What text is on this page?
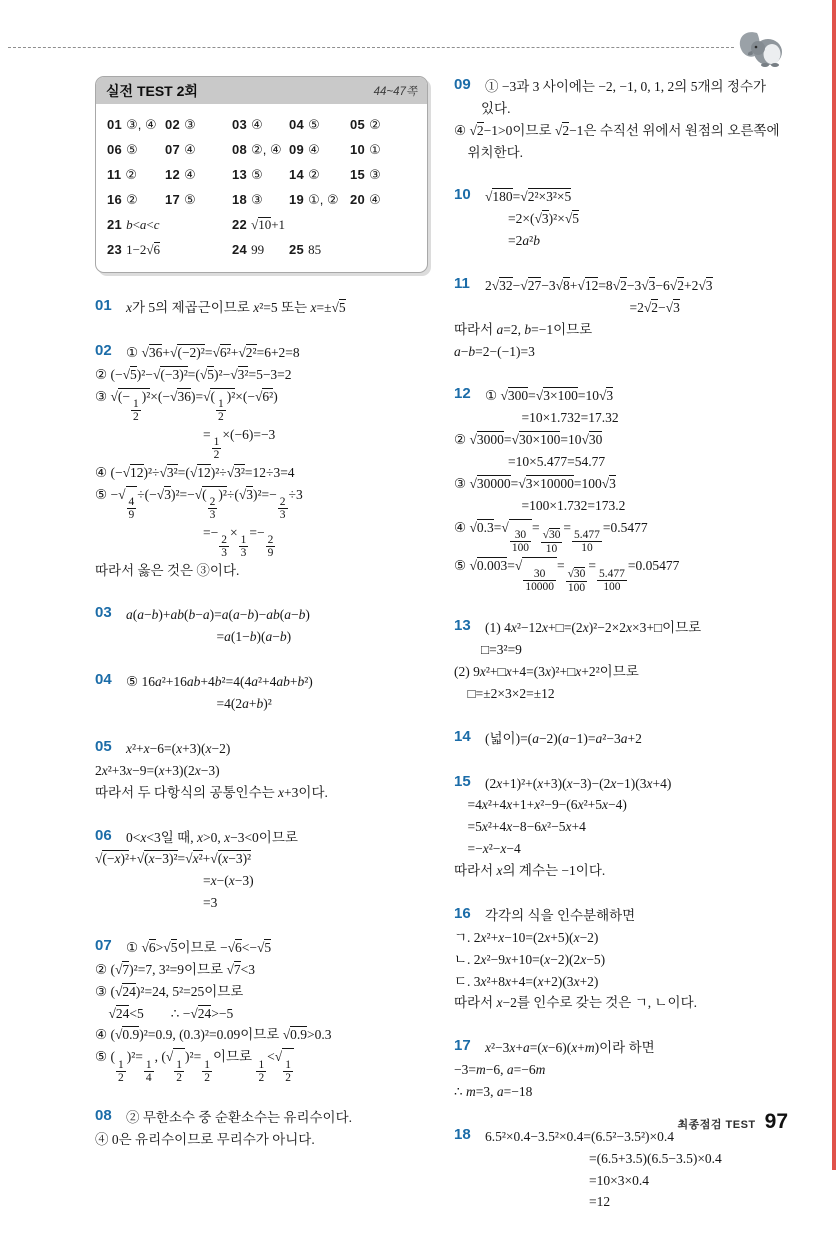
실전 TEST 2회	44~47쪽
01 ③, ④ 02 ③	03 ④	04 ⑤	05 ②
06 ⑤	07 ④	08 ②, ④ 09 ④	10 ①
11 ②	12 ④	13 ⑤	14 ②	15 ③
16 ②	17 ⑤	18 ③	19 ①, ② 20 ④
21 b<a<c	22 √10+1
23 1−2√6	24 99	25 85
01	x가 5의 제곱근이므로 x²=5 또는 x=±√5
02	① √36+√(−2)²=√6²+√2²=6+2=8
② (−√5)²−√(−3)²=(√5)²−√3²=5−3=2
③ √(−
$\frac{1}{2}$
)²×(−√36)=√(
$\frac{1}{2}$
)²×(−√6²)
        =
$\frac{1}{2}$
×(−6)=−3
④ (−√12)²÷√3²=(√12)²÷√3²=12÷3=4
⑤ −√
$\frac{4}{9}$
÷(−√3)²=−√(
$\frac{2}{3}$
)²÷(√3)²=−
$\frac{2}{3}$
÷3
        =−
$\frac{2}{3}$
×
$\frac{1}{3}$
=−
$\frac{2}{9}$
따라서 옳은 것은 ③이다.
03	a(a−b)+ab(b−a)=a(a−b)−ab(a−b)
         =a(1−b)(a−b)
04	⑤ 16a²+16ab+4b²=4(4a²+4ab+b²)
         =4(2a+b)²
05	x²+x−6=(x+3)(x−2)
2x²+3x−9=(x+3)(2x−3)
따라서 두 다항식의 공통인수는 x+3이다.
06	0<x<3일 때, x>0, x−3<0이므로
√(−x)²+√(x−3)²=√x²+√(x−3)²
        =x−(x−3)
        =3
07	① √6>√5이므로 −√6<−√5
② (√7)²=7, 3²=9이므로 √7<3
③ (√24)²=24, 5²=25이므로
 √24<5  ∴ −√24>−5
④ (√0.9)²=0.9, (0.3)²=0.09이므로 √0.9>0.3
⑤ (
$\frac{1}{2}$
)²=
$\frac{1}{4}$
, (√
$\frac{1}{2}$
)²=
$\frac{1}{2}$
이므로
$\frac{1}{2}$
<√
$\frac{1}{2}$
08	② 무한소수 중 순환소수는 유리수이다.
④ 0은 유리수이므로 무리수가 아니다.
09	① −3과 3 사이에는 −2, −1, 0, 1, 2의 5개의 정수가
  있다.
④ √2−1>0이므로 √2−1은 수직선 위에서 원점의 오른쪽에
 위치한다.
10	√180=√2²×3²×5
    =2×(√3)²×√5
    =2a²b
11	2√32−√27−3√8+√12=8√2−3√3−6√2+2√3
             =2√2−√3
따라서 a=2, b=−1이므로
a−b=2−(−1)=3
12	① √300=√3×100=10√3
     =10×1.732=17.32
② √3000=√30×100=10√30
    =10×5.477=54.77
③ √30000=√3×10000=100√3
     =100×1.732=173.2
④ √0.3=√
$\frac{30}{100}$
=
$\frac{√30}{10}$
=
$\frac{5.477}{10}$
=0.5477
⑤ √0.003=√
$\frac{30}{10000}$
=
$\frac{√30}{100}$
=
$\frac{5.477}{100}$
=0.05477
13	(1) 4x²−12x+□=(2x)²−2×2x×3+□이므로
  □=3²=9
(2) 9x²+□x+4=(3x)²+□x+2²이므로
 □=±2×3×2=±12
14	(넓이)=(a−2)(a−1)=a²−3a+2
15	(2x+1)²+(x+3)(x−3)−(2x−1)(3x+4)
 =4x²+4x+1+x²−9−(6x²+5x−4)
 =5x²+4x−8−6x²−5x+4
 =−x²−x−4
따라서 x의 계수는 −1이다.
16	각각의 식을 인수분해하면
ㄱ. 2x²+x−10=(2x+5)(x−2)
ㄴ. 2x²−9x+10=(x−2)(2x−5)
ㄷ. 3x²+8x+4=(x+2)(3x+2)
따라서 x−2를 인수로 갖는 것은 ㄱ, ㄴ이다.
17	x²−3x+a=(x−6)(x+m)이라 하면
−3=m−6, a=−6m
∴ m=3, a=−18
18	6.5²×0.4−3.5²×0.4=(6.5²−3.5²)×0.4
          =(6.5+3.5)(6.5−3.5)×0.4
          =10×3×0.4
          =12
최종점검 TEST 97
